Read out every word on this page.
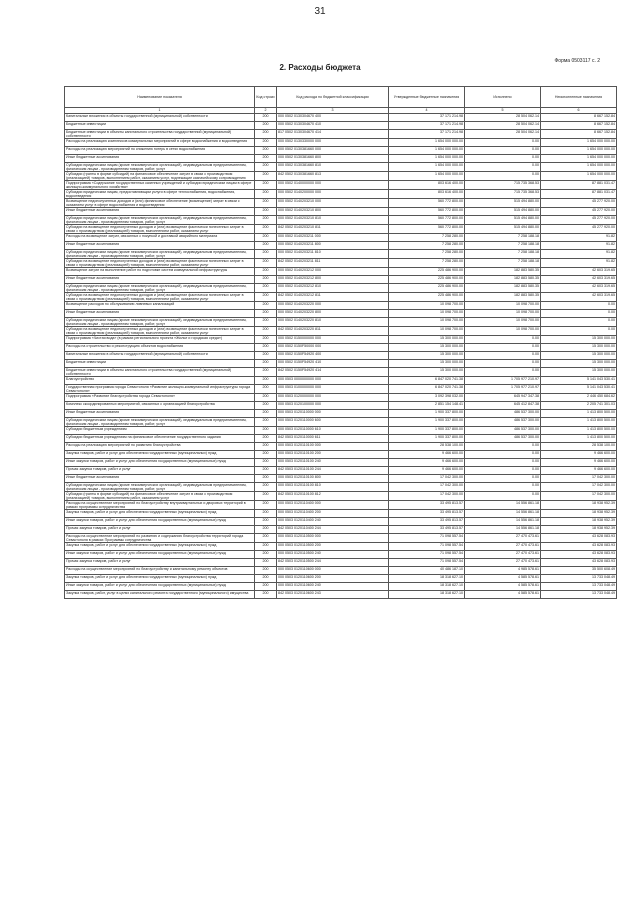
31
Форма 0503117 с. 2
2. Расходы бюджета
Наименование показателя	Код строки	Код расхода по бюджетной классификации	Утвержденные бюджетные назначения	Исполнено	Неисполненные назначения
1	2	3	4	5	6
Капитальные вложения в объекты государственной (муниципальной) собственности	200	000 0502 0130304670 400	37 171 214.98	28 504 062.14	8 667 152.84
Бюджетные инвестиции	200	000 0502 0130304670 410	37 171 214.98	28 504 062.14	8 667 152.84
Бюджетные инвестиции в объекты капитального строительства государственной (муниципальной) собственности	200	817 0502 0130304670 414	37 171 214.98	28 504 062.14	8 667 152.84
Расходы на реализацию комплексов коммунальных мероприятий в сфере водоснабжения и водоотведения	200	000 0502 0130330000 000	1 654 000 000.00	0.00	1 654 000 000.00
Расходы на реализацию мероприятий по снижению потерь в сетях водоснабжения	200	000 0502 0130381660 000	1 654 000 000.00	0.00	1 654 000 000.00
Иные бюджетные ассигнования	200	000 0502 0130381660 800	1 654 000 000.00	0.00	1 654 000 000.00
Субсидии юридическим лицам (кроме некоммерческих организаций), индивидуальным предпринимателям, физическим лицам - производителям товаров, работ, услуг	200	000 0502 0130381660 810	1 654 000 000.00	0.00	1 654 000 000.00
Субсидии (гранты в форме субсидий) на финансовое обеспечение затрат в связи с производством (реализацией) товаров, выполнением работ, оказанием услуг, подлежащие казначейскому сопровождению	200	842 0502 0130381660 813	1 654 000 000.00	0.00	1 654 000 000.00
Подпрограмма «Содержание государственных казенных учреждений и субсидии юридическим лицам в сфере жилищно-коммунального хозяйства»	200	000 0502 0140000000 000	803 616 400.00	715 735 368.53	87 881 031.47
Субсидии юридическим лицам, предоставляющим услуги в сфере теплоснабжения, водоснабжения, водоотведения	200	000 0502 0140200000 000	803 616 400.00	715 735 368.53	87 881 031.47
Возмещение недополученных доходов и (или) финансовое обеспечение (возмещение) затрат в связи с оказанием услуг в сфере водоснабжения и водоотведения	200	000 0502 0140203210 000	560 772 800.00	515 494 880.00	45 277 920.00
Иные бюджетные ассигнования	200	000 0502 0140203210 800	560 772 800.00	515 494 880.00	45 277 920.00
Субсидии юридическим лицам (кроме некоммерческих организаций), индивидуальным предпринимателям, физическим лицам - производителям товаров, работ, услуг	200	000 0502 0140203210 810	560 772 800.00	515 494 880.00	45 277 920.00
Субсидии на возмещение недополученных доходов и (или) возмещение фактически понесенных затрат в связи с производством (реализацией) товаров, выполнением работ, оказанием услуг	200	842 0502 0140203210 811	560 772 800.00	515 494 880.00	45 277 920.00
Расходы на возмещение затрат, связанных с покупкой и доставкой аварийного материала	200	000 0502 0140203211 000	7 258 280.00	7 258 188.18	91.82
Иные бюджетные ассигнования	200	000 0502 0140203211 800	7 258 280.00	7 258 188.18	91.82
Субсидии юридическим лицам (кроме некоммерческих организаций), индивидуальным предпринимателям, физическим лицам - производителям товаров, работ, услуг	200	000 0502 0140203211 810	7 258 280.00	7 258 188.18	91.82
Субсидии на возмещение недополученных доходов и (или) возмещение фактически понесенных затрат в связи с производством (реализацией) товаров, выполнением работ, оказанием услуг	200	842 0502 0140203211 811	7 258 280.00	7 258 188.18	91.82
Возмещение затрат на выполнение работ по подготовке систем коммунальной инфраструктуры	200	000 0502 0140203212 000	225 486 900.00	182 883 580.35	42 603 319.65
Иные бюджетные ассигнования	200	000 0502 0140203212 800	225 486 900.00	182 883 580.35	42 603 319.65
Субсидии юридическим лицам (кроме некоммерческих организаций), индивидуальным предпринимателям, физическим лицам - производителям товаров, работ, услуг	200	000 0502 0140203212 810	225 486 900.00	182 883 580.35	42 603 319.65
Субсидии на возмещение недополученных доходов и (или) возмещение фактически понесенных затрат в связи с производством (реализацией) товаров, выполнением работ, оказанием услуг	200	842 0502 0140203212 811	225 486 900.00	182 883 580.35	42 603 319.65
Возмещение расходов по обслуживанию ливневых канализаций	200	000 0502 0140203220 000	10 098 700.00	10 098 700.00	0.00
Иные бюджетные ассигнования	200	000 0502 0140203220 800	10 098 700.00	10 098 700.00	0.00
Субсидии юридическим лицам (кроме некоммерческих организаций), индивидуальным предпринимателям, физическим лицам - производителям товаров, работ, услуг	200	000 0502 0140203220 810	10 098 700.00	10 098 700.00	0.00
Субсидии на возмещение недополученных доходов и (или) возмещение фактически понесенных затрат в связи с производством (реализацией) товаров, выполнением работ, оказанием услуг	200	842 0502 0140203220 811	10 098 700.00	10 098 700.00	0.00
Подпрограмма «Чистая вода» (в рамках регионального проекта «Жилье и городская среда»)	200	000 0502 0150000000 000	15 300 000.00	0.00	15 300 000.00
Расходы на строительство и реконструкцию объектов водоснабжения	200	000 0502 0150F50000 000	15 300 000.00	0.00	15 300 000.00
Капитальные вложения в объекты государственной (муниципальной) собственности	200	000 0502 0150F54920 400	15 300 000.00	0.00	15 300 000.00
Бюджетные инвестиции	200	000 0502 0150F54920 410	15 300 000.00	0.00	15 300 000.00
Бюджетные инвестиции в объекты капитального строительства государственной (муниципальной) собственности	200	842 0502 0150F54920 414	15 300 000.00	0.00	15 300 000.00
Благоустройство	200	000 0503 0000000000 000	6 847 020 741.38	1 705 977 210.97	5 141 043 530.41
Государственная программа города Севастополя «Развитие жилищно-коммунальной инфраструктуры города Севастополя»	200	000 0503 0100000000 000	6 847 020 741.38	1 705 977 210.97	5 141 043 530.41
Подпрограмма «Развитие благоустройства города Севастополя»	200	000 0503 0120000000 000	3 092 398 032.00	645 947 347.38	2 446 450 684.62
Комплекс скоординированных мероприятий, связанных с организацией благоустройства	200	000 0503 0120100000 000	2 851 154 148.41	645 412 847.38	2 205 741 301.03
Иные бюджетные ассигнования	200	000 0503 0120110000 000	1 900 337 800.00	486 537 300.00	1 413 800 500.00
Субсидии юридическим лицам (кроме некоммерческих организаций), индивидуальным предпринимателям, физическим лицам - производителям товаров, работ, услуг	200	000 0503 0120110000 600	1 900 337 800.00	486 537 300.00	1 413 800 500.00
Субсидии бюджетным учреждениям	200	000 0503 0120110000 610	1 900 337 800.00	486 537 300.00	1 413 800 500.00
Субсидии бюджетным учреждениям на финансовое обеспечение государственного задания	200	842 0503 0120110000 611	1 900 337 800.00	486 537 300.00	1 413 800 500.00
Расходы на реализацию мероприятий по развитию благоустройства	200	000 0503 0120110100 000	28 538 100.00	0.00	28 538 100.00
Закупка товаров, работ и услуг для обеспечения государственных (муниципальных) нужд	200	000 0503 0120110100 200	9 466 600.00	0.00	9 466 600.00
Иные закупки товаров, работ и услуг для обеспечения государственных (муниципальных) нужд	200	000 0503 0120110100 240	9 466 600.00	0.00	9 466 600.00
Прочая закупка товаров, работ и услуг	200	842 0503 0120110100 244	9 466 600.00	0.00	9 466 600.00
Иные бюджетные ассигнования	200	000 0503 0120110100 800	17 042 300.00	0.00	17 042 300.00
Субсидии юридическим лицам (кроме некоммерческих организаций), индивидуальным предпринимателям, физическим лицам - производителям товаров, работ, услуг	200	000 0503 0120110100 810	17 042 300.00	0.00	17 042 300.00
Субсидии (гранты в форме субсидий) на финансовое обеспечение затрат в связи с производством (реализацией) товаров, выполнением работ, оказанием услуг	200	842 0503 0120110100 812	17 042 300.00	0.00	17 042 300.00
Расходы на осуществление мероприятий по благоустройству внутриквартальных и дворовых территорий в рамках программы сотрудничества	200	000 0503 0120110400 000	33 495 813.57	14 556 861.18	18 938 952.39
Закупка товаров, работ и услуг для обеспечения государственных (муниципальных) нужд	200	000 0503 0120110400 200	33 495 813.57	14 556 861.18	18 938 952.39
Иные закупки товаров, работ и услуг для обеспечения государственных (муниципальных) нужд	200	000 0503 0120110400 240	33 495 813.57	14 556 861.18	18 938 952.39
Прочая закупка товаров, работ и услуг	200	842 0503 0120110400 244	33 495 813.57	14 556 861.18	18 938 952.39
Расходы на осуществление мероприятий по развитию и содержанию благоустройства территорий города Севастополя в рамках Программы сотрудничества	200	000 0503 0120110500 000	71 098 557.54	27 470 473.61	43 628 083.93
Закупка товаров, работ и услуг для обеспечения государственных (муниципальных) нужд	200	000 0503 0120110500 200	71 098 557.54	27 470 473.61	43 628 083.93
Иные закупки товаров, работ и услуг для обеспечения государственных (муниципальных) нужд	200	000 0503 0120110500 240	71 098 557.54	27 470 473.61	43 628 083.93
Прочая закупка товаров, работ и услуг	200	842 0503 0120110500 244	71 098 557.54	27 470 473.61	43 628 083.93
Расходы на осуществление мероприятий по благоустройству и капитальному ремонту объектов	200	000 0503 0120110600 000	40 486 187.10	4 985 578.61	35 500 608.49
Закупка товаров, работ и услуг для обеспечения государственных (муниципальных) нужд	200	000 0503 0120110600 200	18 318 627.10	4 585 578.61	13 733 048.49
Иные закупки товаров, работ и услуг для обеспечения государственных (муниципальных) нужд	200	000 0503 0120110600 240	18 318 627.10	4 585 578.61	13 733 048.49
Закупка товаров, работ, услуг в целях капитального ремонта государственного (муниципального) имущества	200	842 0503 0120110600 243	18 318 627.10	4 585 578.61	13 733 048.49
